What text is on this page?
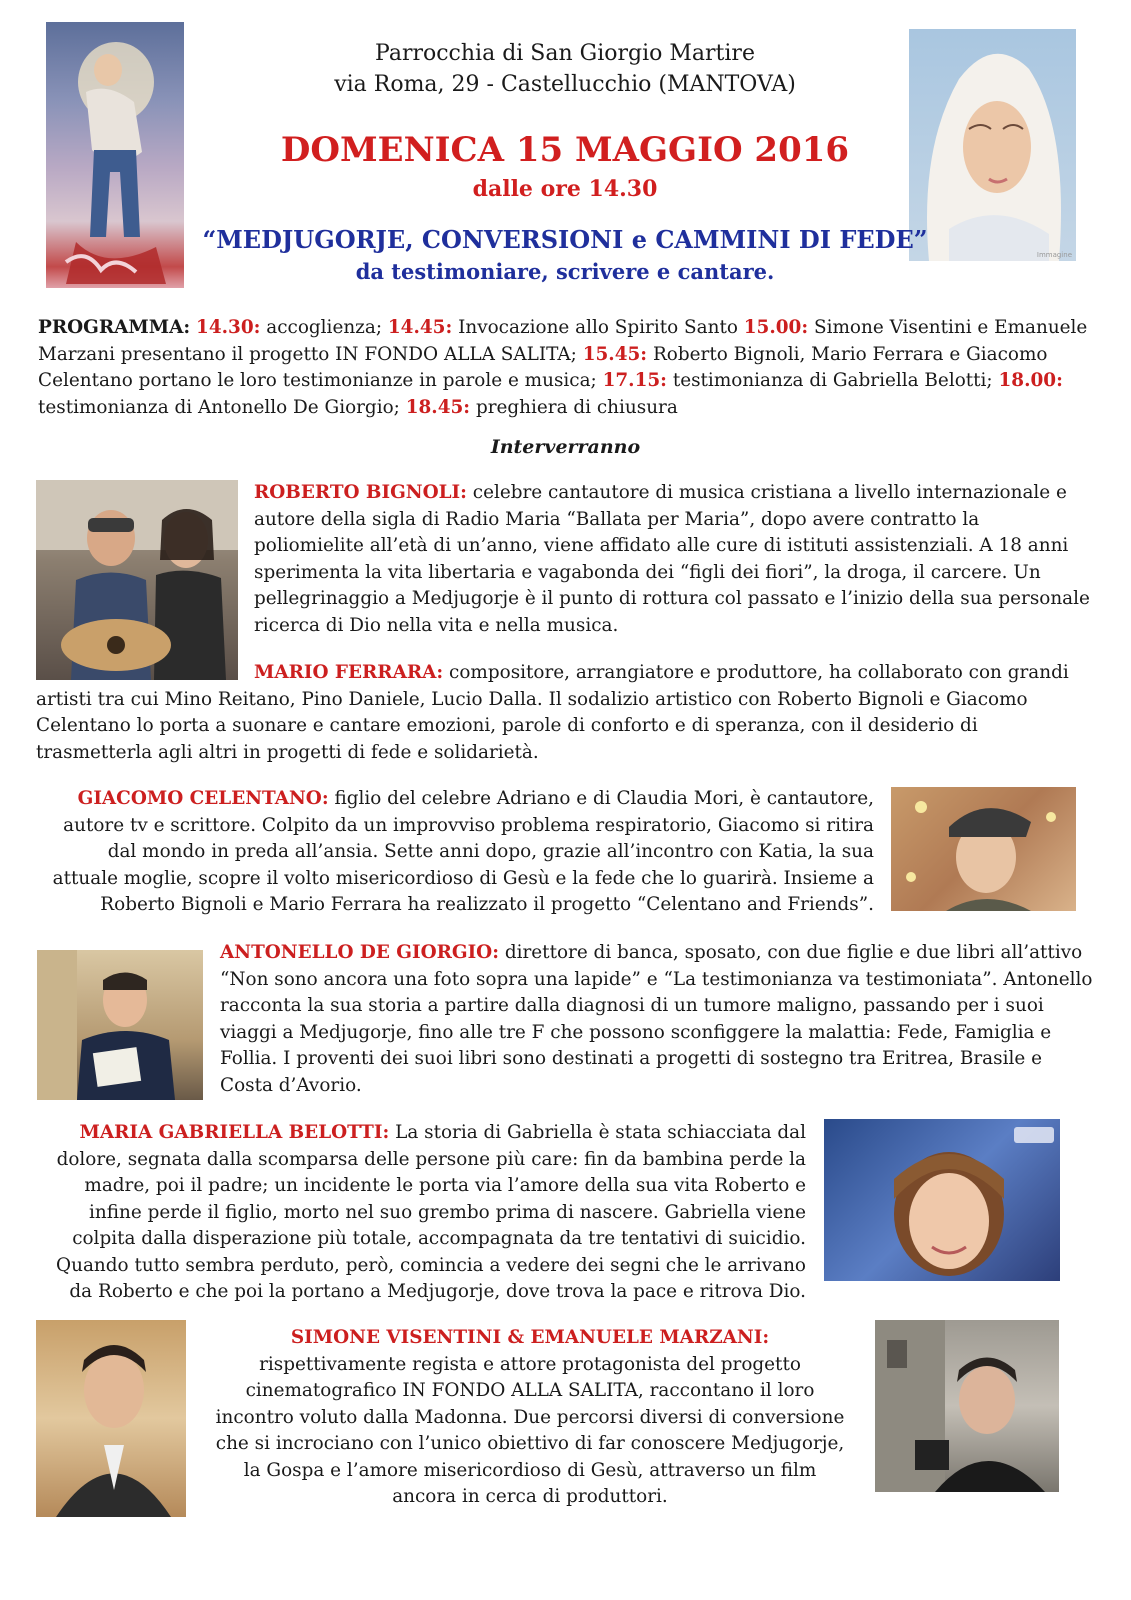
Immagine
Parrocchia di San Giorgio Martire
via Roma, 29 - Castellucchio (MANTOVA)
DOMENICA 15 MAGGIO 2016
dalle ore 14.30
“MEDJUGORJE, CONVERSIONI e CAMMINI DI FEDE”
da testimoniare, scrivere e cantare.
PROGRAMMA: 14.30: accoglienza; 14.45: Invocazione allo Spirito Santo 15.00: Simone Visentini e Emanuele Marzani presentano il progetto IN FONDO ALLA SALITA; 15.45: Roberto Bignoli, Mario Ferrara e Giacomo Celentano portano le loro testimonianze in parole e musica; 17.15: testimonianza di Gabriella Belotti; 18.00: testimonianza di Antonello De Giorgio; 18.45: preghiera di chiusura
Interverranno
ROBERTO BIGNOLI: celebre cantautore di musica cristiana a livello internazionale e autore della sigla di Radio Maria “Ballata per Maria”, dopo avere contratto la poliomielite all’età di un’anno, viene affidato alle cure di istituti assistenziali. A 18 anni sperimenta la vita libertaria e vagabonda dei “figli dei fiori”, la droga, il carcere. Un pellegrinaggio a Medjugorje è il punto di rottura col passato e l’inizio della sua personale ricerca di Dio nella vita e nella musica.
MARIO FERRARA: compositore, arrangiatore e produttore, ha collaborato con grandi artisti tra cui Mino Reitano, Pino Daniele, Lucio Dalla. Il sodalizio artistico con Roberto Bignoli e Giacomo Celentano lo porta a suonare e cantare emozioni, parole di conforto e di speranza, con il desiderio di trasmetterla agli altri in progetti di fede e solidarietà.
GIACOMO CELENTANO: figlio del celebre Adriano e di Claudia Mori, è cantautore, autore tv e scrittore. Colpito da un improvviso problema respiratorio, Giacomo si ritira dal mondo in preda all’ansia. Sette anni dopo, grazie all’incontro con Katia, la sua attuale moglie, scopre il volto misericordioso di Gesù e la fede che lo guarirà. Insieme a Roberto Bignoli e Mario Ferrara ha realizzato il progetto “Celentano and Friends”.
ANTONELLO DE GIORGIO: direttore di banca, sposato, con due figlie e due libri all’attivo “Non sono ancora una foto sopra una lapide” e “La testimonianza va testimoniata”. Antonello racconta la sua storia a partire dalla diagnosi di un tumore maligno, passando per i suoi viaggi a Medjugorje, fino alle tre F che possono sconfiggere la malattia: Fede, Famiglia e Follia. I proventi dei suoi libri sono destinati a progetti di sostegno tra Eritrea, Brasile e Costa d’Avorio.
MARIA GABRIELLA BELOTTI: La storia di Gabriella è stata schiacciata dal dolore, segnata dalla scomparsa delle persone più care: fin da bambina perde la madre, poi il padre; un incidente le porta via l’amore della sua vita Roberto e infine perde il figlio, morto nel suo grembo prima di nascere. Gabriella viene colpita dalla disperazione più totale, accompagnata da tre tentativi di suicidio. Quando tutto sembra perduto, però, comincia a vedere dei segni che le arrivano da Roberto e che poi la portano a Medjugorje, dove trova la pace e ritrova Dio.
SIMONE VISENTINI & EMANUELE MARZANI:
rispettivamente regista e attore protagonista del progetto cinematografico IN FONDO ALLA SALITA, raccontano il loro incontro voluto dalla Madonna. Due percorsi diversi di conversione che si incrociano con l’unico obiettivo di far conoscere Medjugorje, la Gospa e l’amore misericordioso di Gesù, attraverso un film ancora in cerca di produttori.
